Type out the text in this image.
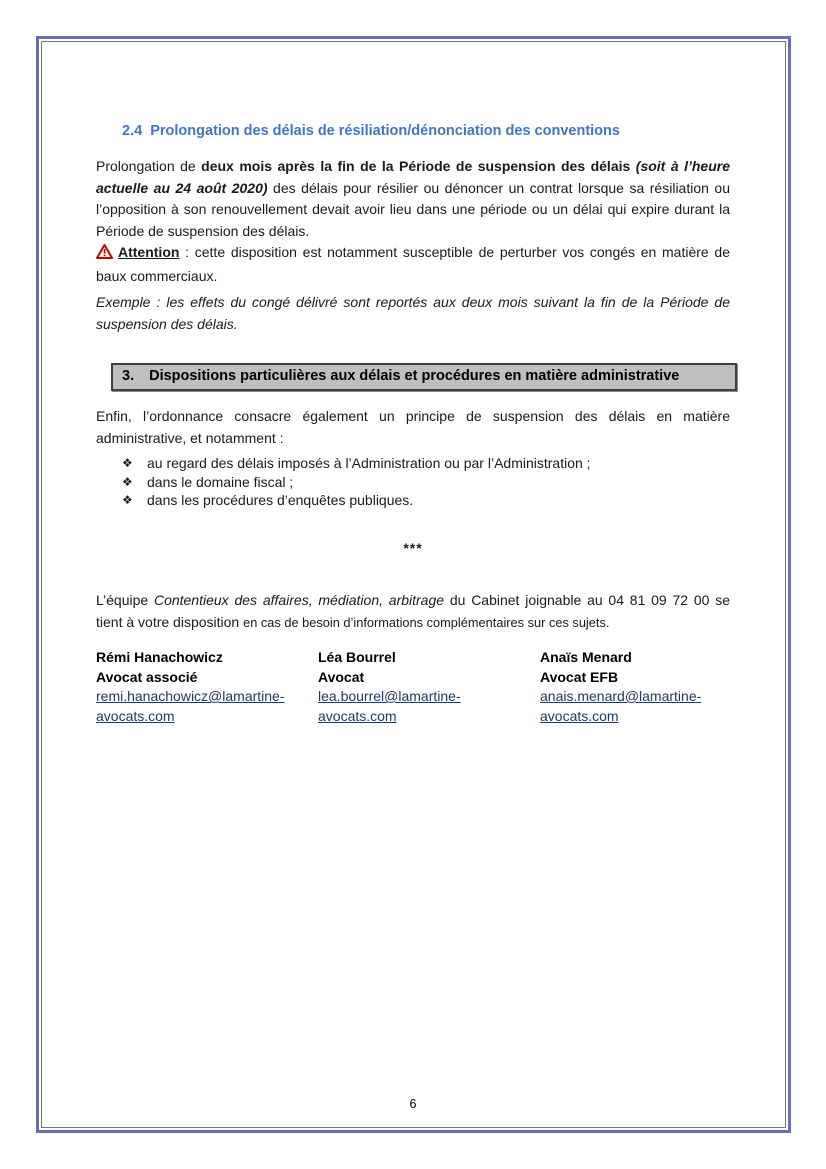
2.4 Prolongation des délais de résiliation/dénonciation des conventions

Prolongation de deux mois après la fin de la Période de suspension des délais (soit à l’heure actuelle au 24 août 2020) des délais pour résilier ou dénoncer un contrat lorsque sa résiliation ou l’opposition à son renouvellement devait avoir lieu dans une période ou un délai qui expire durant la Période de suspension des délais.

Attention : cette disposition est notamment susceptible de perturber vos congés en matière de baux commerciaux.

Exemple : les effets du congé délivré sont reportés aux deux mois suivant la fin de la Période de suspension des délais.

3. Dispositions particulières aux délais et procédures en matière administrative

Enfin, l’ordonnance consacre également un principe de suspension des délais en matière administrative, et notamment :

❖	au regard des délais imposés à l’Administration ou par l’Administration ;
❖	dans le domaine fiscal ;
❖	dans les procédures d’enquêtes publiques.
***

L’équipe Contentieux des affaires, médiation, arbitrage du Cabinet joignable au 04 81 09 72 00 se tient à votre disposition en cas de besoin d’informations complémentaires sur ces sujets.

Rémi Hanachowicz
Avocat associé
remi.hanachowicz@lamartine-avocats.com
Léa Bourrel
Avocat
lea.bourrel@lamartine-avocats.com
Anaïs Menard
Avocat EFB
anais.menard@lamartine-avocats.com
6
